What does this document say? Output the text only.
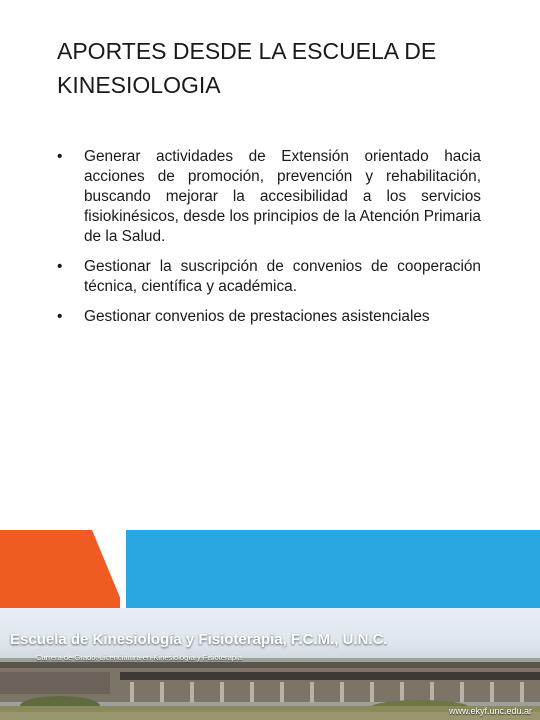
APORTES DESDE LA ESCUELA DE KINESIOLOGIA
• Generar actividades de Extensión orientado hacia acciones de promoción, prevención y rehabilitación, buscando mejorar la accesibilidad a los servicios fisiokinésicos, desde los principios de la Atención Primaria de la Salud.
• Gestionar la suscripción de convenios de cooperación técnica, científica y académica.
• Gestionar convenios de prestaciones asistenciales
Escuela de Kinesiología y Fisioterapia, F.C.M., U.N.C.
Carrera de Grado: Licenciatura en Kinesiología y Fisioterapia
www.ekyf.unc.edu.ar
